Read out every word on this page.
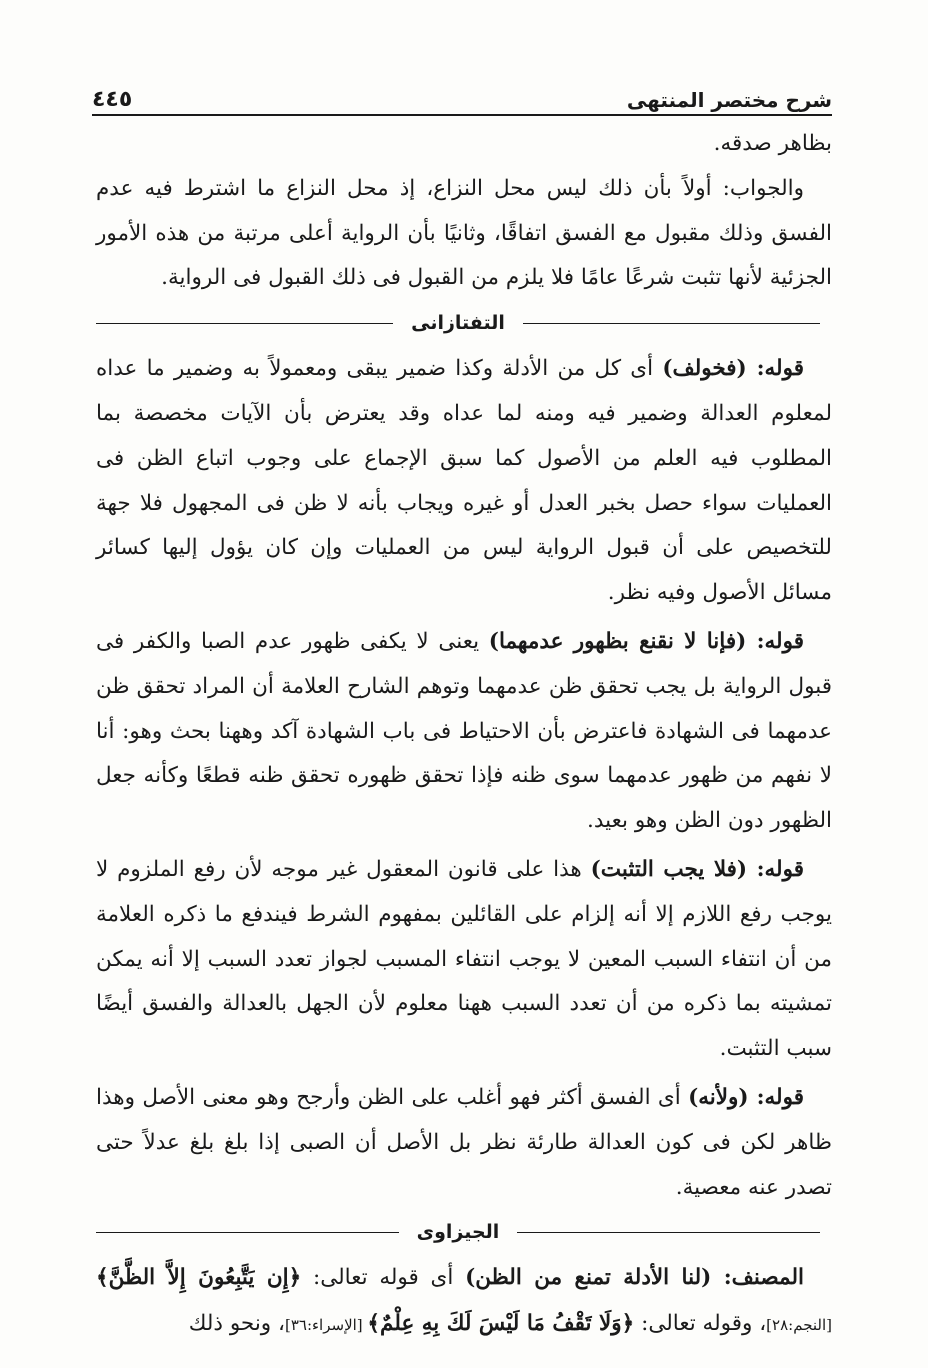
شرح مختصر المنتهى
٤٤٥

بظاهر صدقه.

والجواب: أولاً بأن ذلك ليس محل النزاع، إذ محل النزاع ما اشترط فيه عدم الفسق وذلك مقبول مع الفسق اتفاقًا، وثانيًا بأن الرواية أعلى مرتبة من هذه الأمور الجزئية لأنها تثبت شرعًا عامًا فلا يلزم من القبول فى ذلك القبول فى الرواية.

التفتازانى

قوله: (فخولف) أى كل من الأدلة وكذا ضمير يبقى ومعمولاً به وضمير ما عداه لمعلوم العدالة وضمير فيه ومنه لما عداه وقد يعترض بأن الآيات مخصصة بما المطلوب فيه العلم من الأصول كما سبق الإجماع على وجوب اتباع الظن فى العمليات سواء حصل بخبر العدل أو غيره ويجاب بأنه لا ظن فى المجهول فلا جهة للتخصيص على أن قبول الرواية ليس من العمليات وإن كان يؤول إليها كسائر مسائل الأصول وفيه نظر.

قوله: (فإنا لا نقنع بظهور عدمهما) يعنى لا يكفى ظهور عدم الصبا والكفر فى قبول الرواية بل يجب تحقق ظن عدمهما وتوهم الشارح العلامة أن المراد تحقق ظن عدمهما فى الشهادة فاعترض بأن الاحتياط فى باب الشهادة آكد وههنا بحث وهو: أنا لا نفهم من ظهور عدمهما سوى ظنه فإذا تحقق ظهوره تحقق ظنه قطعًا وكأنه جعل الظهور دون الظن وهو بعيد.

قوله: (فلا يجب التثبت) هذا على قانون المعقول غير موجه لأن رفع الملزوم لا يوجب رفع اللازم إلا أنه إلزام على القائلين بمفهوم الشرط فيندفع ما ذكره العلامة من أن انتفاء السبب المعين لا يوجب انتفاء المسبب لجواز تعدد السبب إلا أنه يمكن تمشيته بما ذكره من أن تعدد السبب ههنا معلوم لأن الجهل بالعدالة والفسق أيضًا سبب التثبت.

قوله: (ولأنه) أى الفسق أكثر فهو أغلب على الظن وأرجح وهو معنى الأصل وهذا ظاهر لكن فى كون العدالة طارئة نظر بل الأصل أن الصبى إذا بلغ بلغ عدلاً حتى تصدر عنه معصية.

الجيزاوى

المصنف: (لنا الأدلة تمنع من الظن) أى قوله تعالى: ﴿إِن يَتَّبِعُونَ إِلاَّ الظَّنَّ﴾ [النجم:٢٨]، وقوله تعالى: ﴿وَلَا تَقْفُ مَا لَيْسَ لَكَ بِهِ عِلْمٌ﴾ [الإسراء:٣٦]، ونحو ذلك
